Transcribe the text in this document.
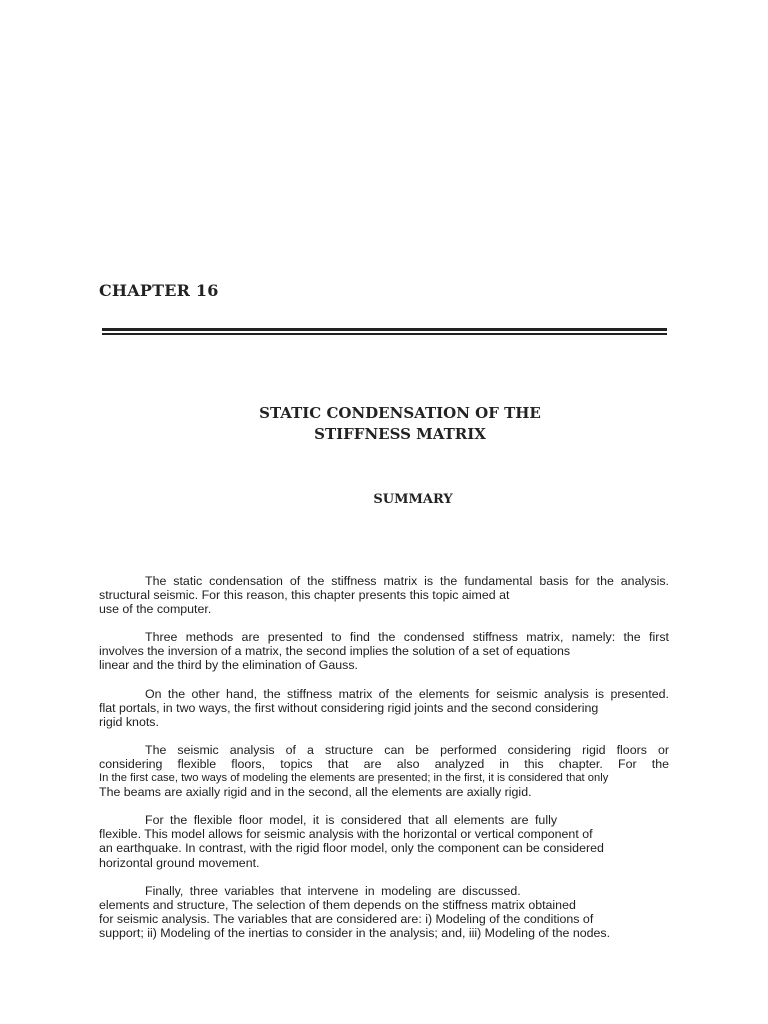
CHAPTER 16
STATIC CONDENSATION OF THE
STIFFNESS MATRIX
SUMMARY

The static condensation of the stiffness matrix is the fundamental basis for the analysis.
structural seismic. For this reason, this chapter presents this topic aimed at
use of the computer.

Three methods are presented to find the condensed stiffness matrix, namely: the first
involves the inversion of a matrix, the second implies the solution of a set of equations
linear and the third by the elimination of Gauss.

On the other hand, the stiffness matrix of the elements for seismic analysis is presented.
flat portals, in two ways, the first without considering rigid joints and the second considering
rigid knots.

The seismic analysis of a structure can be performed considering rigid floors or
considering flexible floors, topics that are also analyzed in this chapter. For the
In the first case, two ways of modeling the elements are presented; in the first, it is considered that only
The beams are axially rigid and in the second, all the elements are axially rigid.

For the flexible floor model, it is considered that all elements are fully
flexible. This model allows for seismic analysis with the horizontal or vertical component of
an earthquake. In contrast, with the rigid floor model, only the component can be considered
horizontal ground movement.

Finally, three variables that intervene in modeling are discussed.
elements and structure, The selection of them depends on the stiffness matrix obtained
for seismic analysis. The variables that are considered are: i) Modeling of the conditions of
support; ii) Modeling of the inertias to consider in the analysis; and, iii) Modeling of the nodes.
